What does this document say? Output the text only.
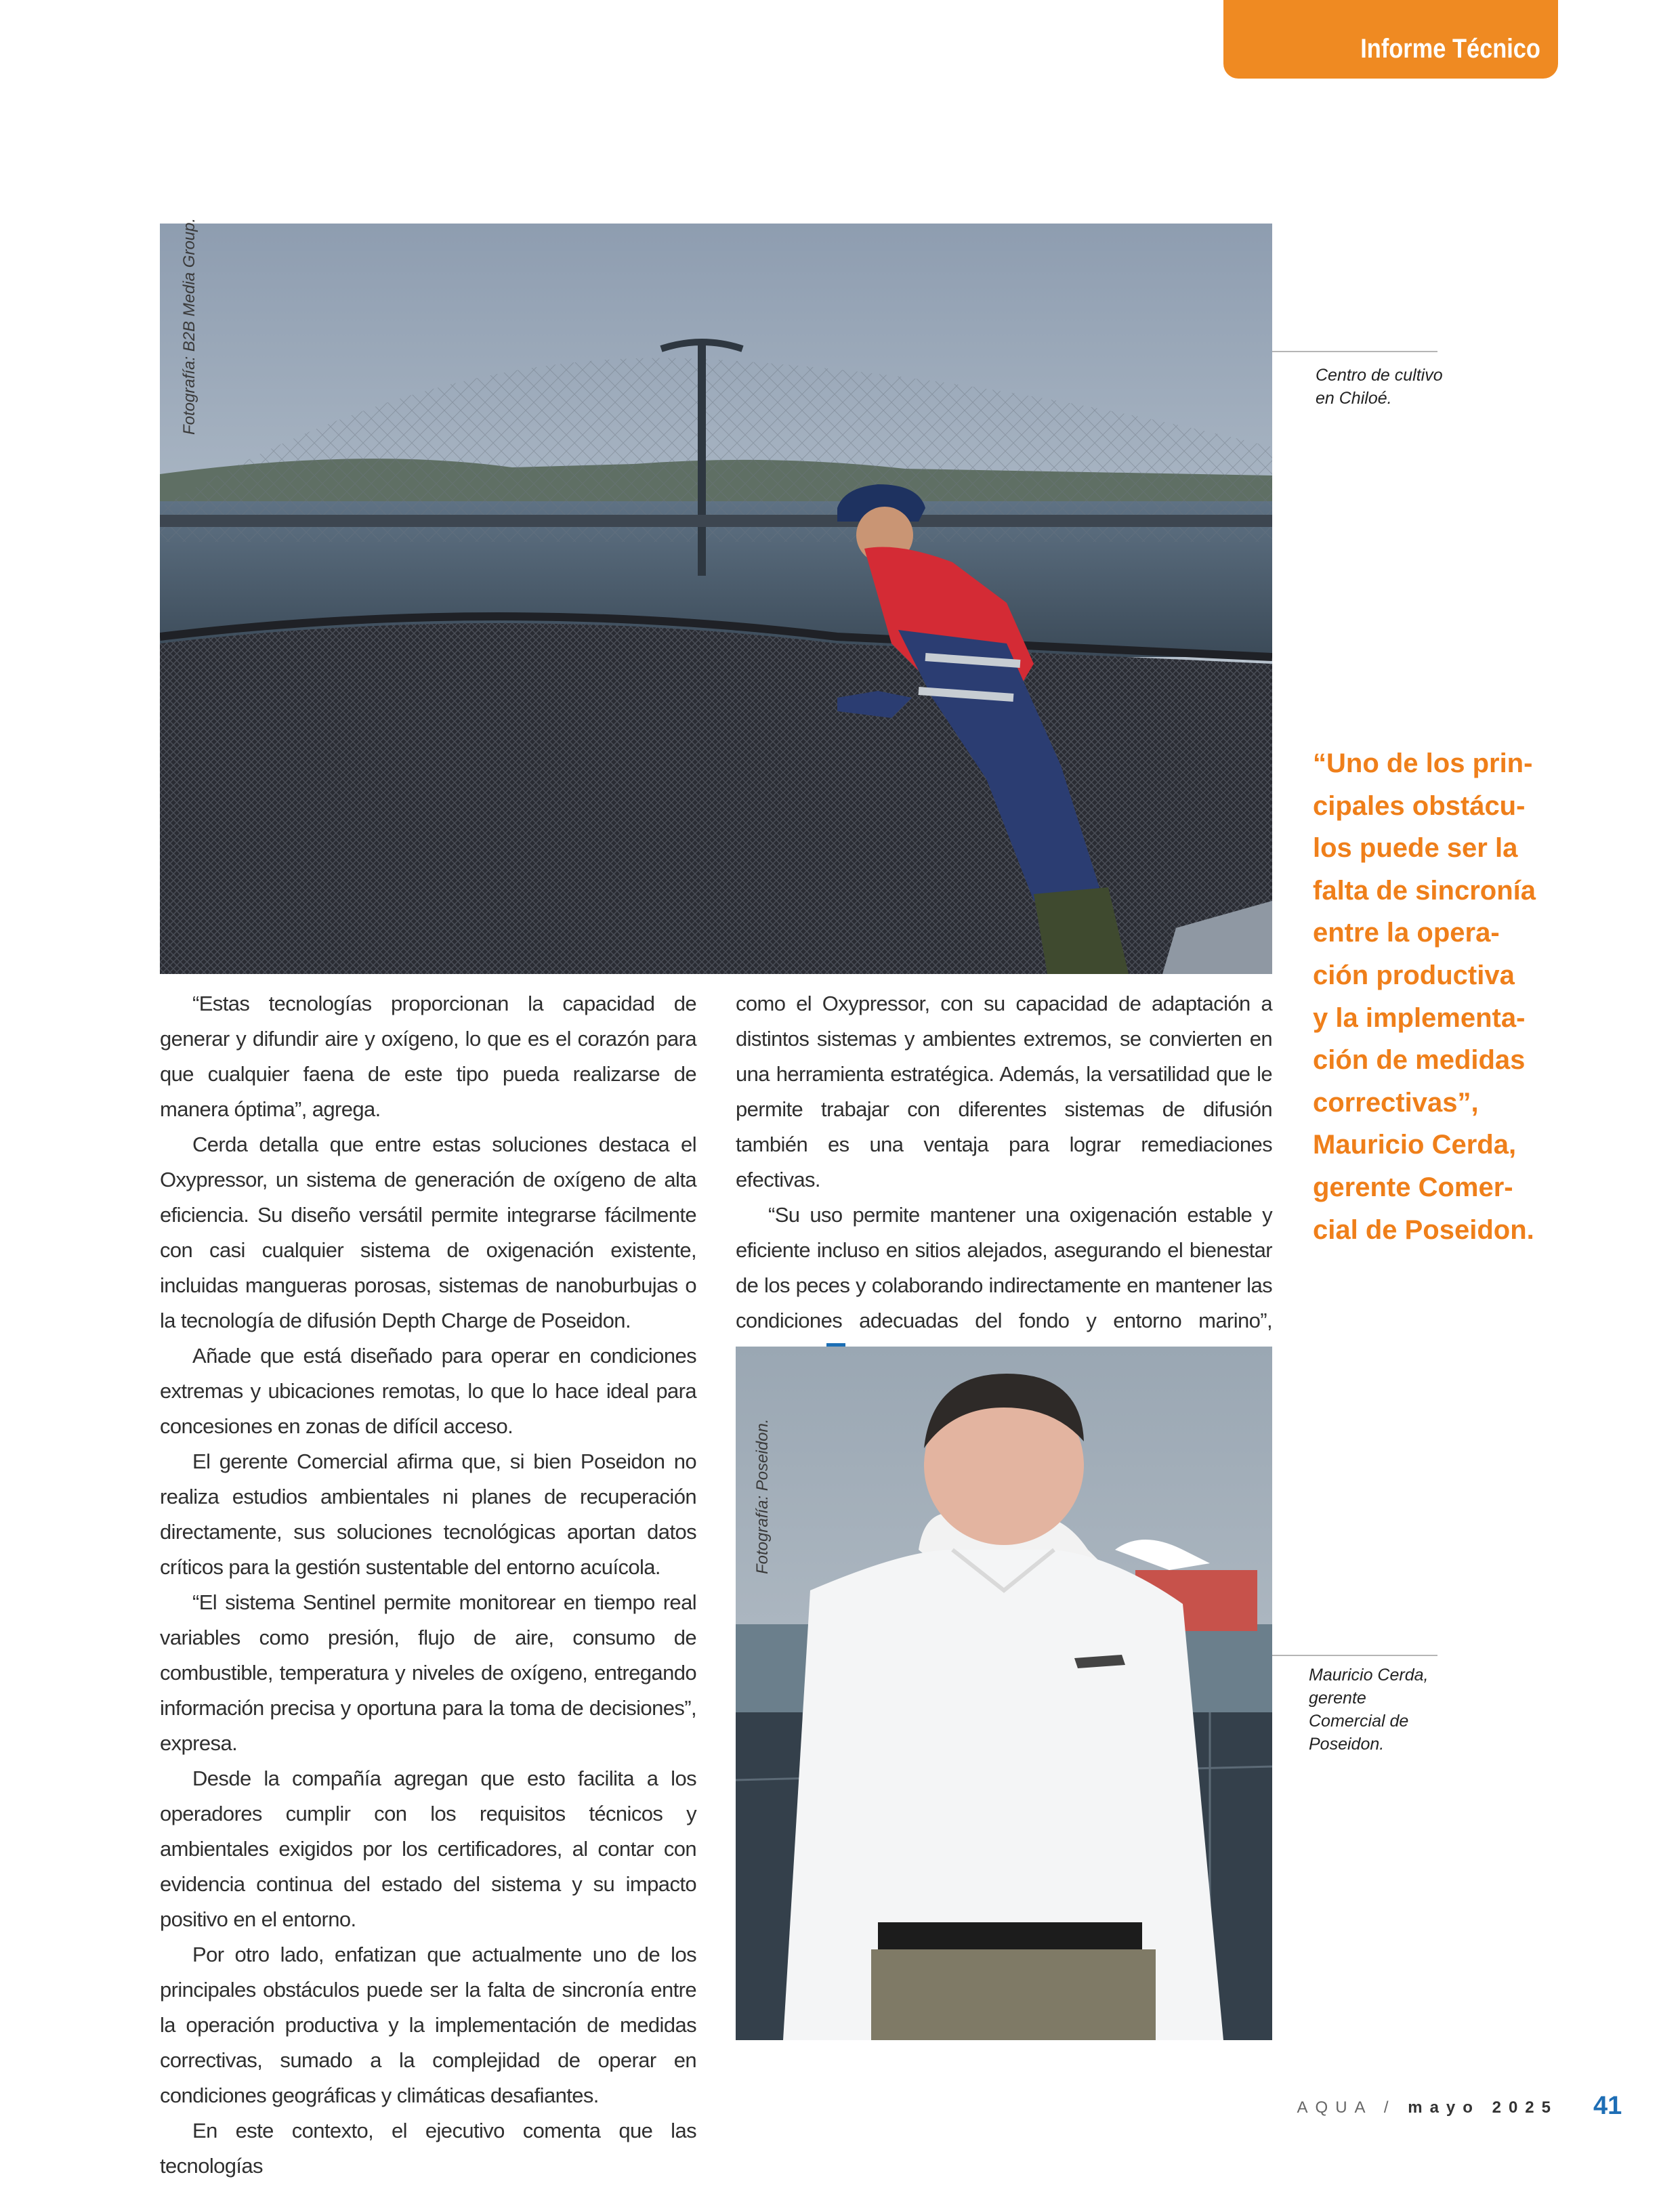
Informe Técnico
Fotografía: B2B Media Group.	Centro de cultivo en Chiloé.
“Uno de los prin-
cipales obstácu-
los puede ser la
falta de sincronía
entre la opera-
ción productiva
y la implementa-
ción de medidas
correctivas”,
Mauricio Cerda,
gerente Comer-
cial de Poseidon.

“Estas tecnologías proporcionan la capacidad de generar y difundir aire y oxígeno, lo que es el corazón para que cualquier faena de este tipo pueda realizarse de manera óptima”, agrega.

Cerda detalla que entre estas soluciones destaca el Oxypressor, un sistema de generación de oxígeno de alta eficiencia. Su diseño versátil permite integrarse fácilmente con casi cualquier sistema de oxigenación existente, incluidas mangueras porosas, sistemas de nanoburbujas o la tecnología de difusión Depth Charge de Poseidon.

Añade que está diseñado para operar en condiciones extremas y ubicaciones remotas, lo que lo hace ideal para concesiones en zonas de difícil acceso.

El gerente Comercial afirma que, si bien Poseidon no realiza estudios ambientales ni planes de recuperación directamente, sus soluciones tecnológicas aportan datos críticos para la gestión sustentable del entorno acuícola.

“El sistema Sentinel permite monitorear en tiempo real variables como presión, flujo de aire, consumo de combustible, temperatura y niveles de oxígeno, entregando información precisa y oportuna para la toma de decisiones”, expresa.

Desde la compañía agregan que esto facilita a los operadores cumplir con los requisitos técnicos y ambientales exigidos por los certificadores, al contar con evidencia continua del estado del sistema y su impacto positivo en el entorno.

Por otro lado, enfatizan que actualmente uno de los principales obstáculos puede ser la falta de sincronía entre la operación productiva y la implementación de medidas correctivas, sumado a la complejidad de operar en condiciones geográficas y climáticas desafiantes.

En este contexto, el ejecutivo comenta que las tecnologías

como el Oxypressor, con su capacidad de adaptación a distintos sistemas y ambientes extremos, se convierten en una herramienta estratégica. Además, la versatilidad que le permite trabajar con diferentes sistemas de difusión también es una ventaja para lograr remediaciones efectivas.

“Su uso permite mantener una oxigenación estable y eficiente incluso en sitios alejados, asegurando el bienestar de los peces y colaborando indirectamente en mantener las condiciones adecuadas del fondo y entorno marino”,

Fotografía: Poseidon.
Mauricio Cerda, gerente Comercial de Poseidon.
AQUA / mayo 2025 41
